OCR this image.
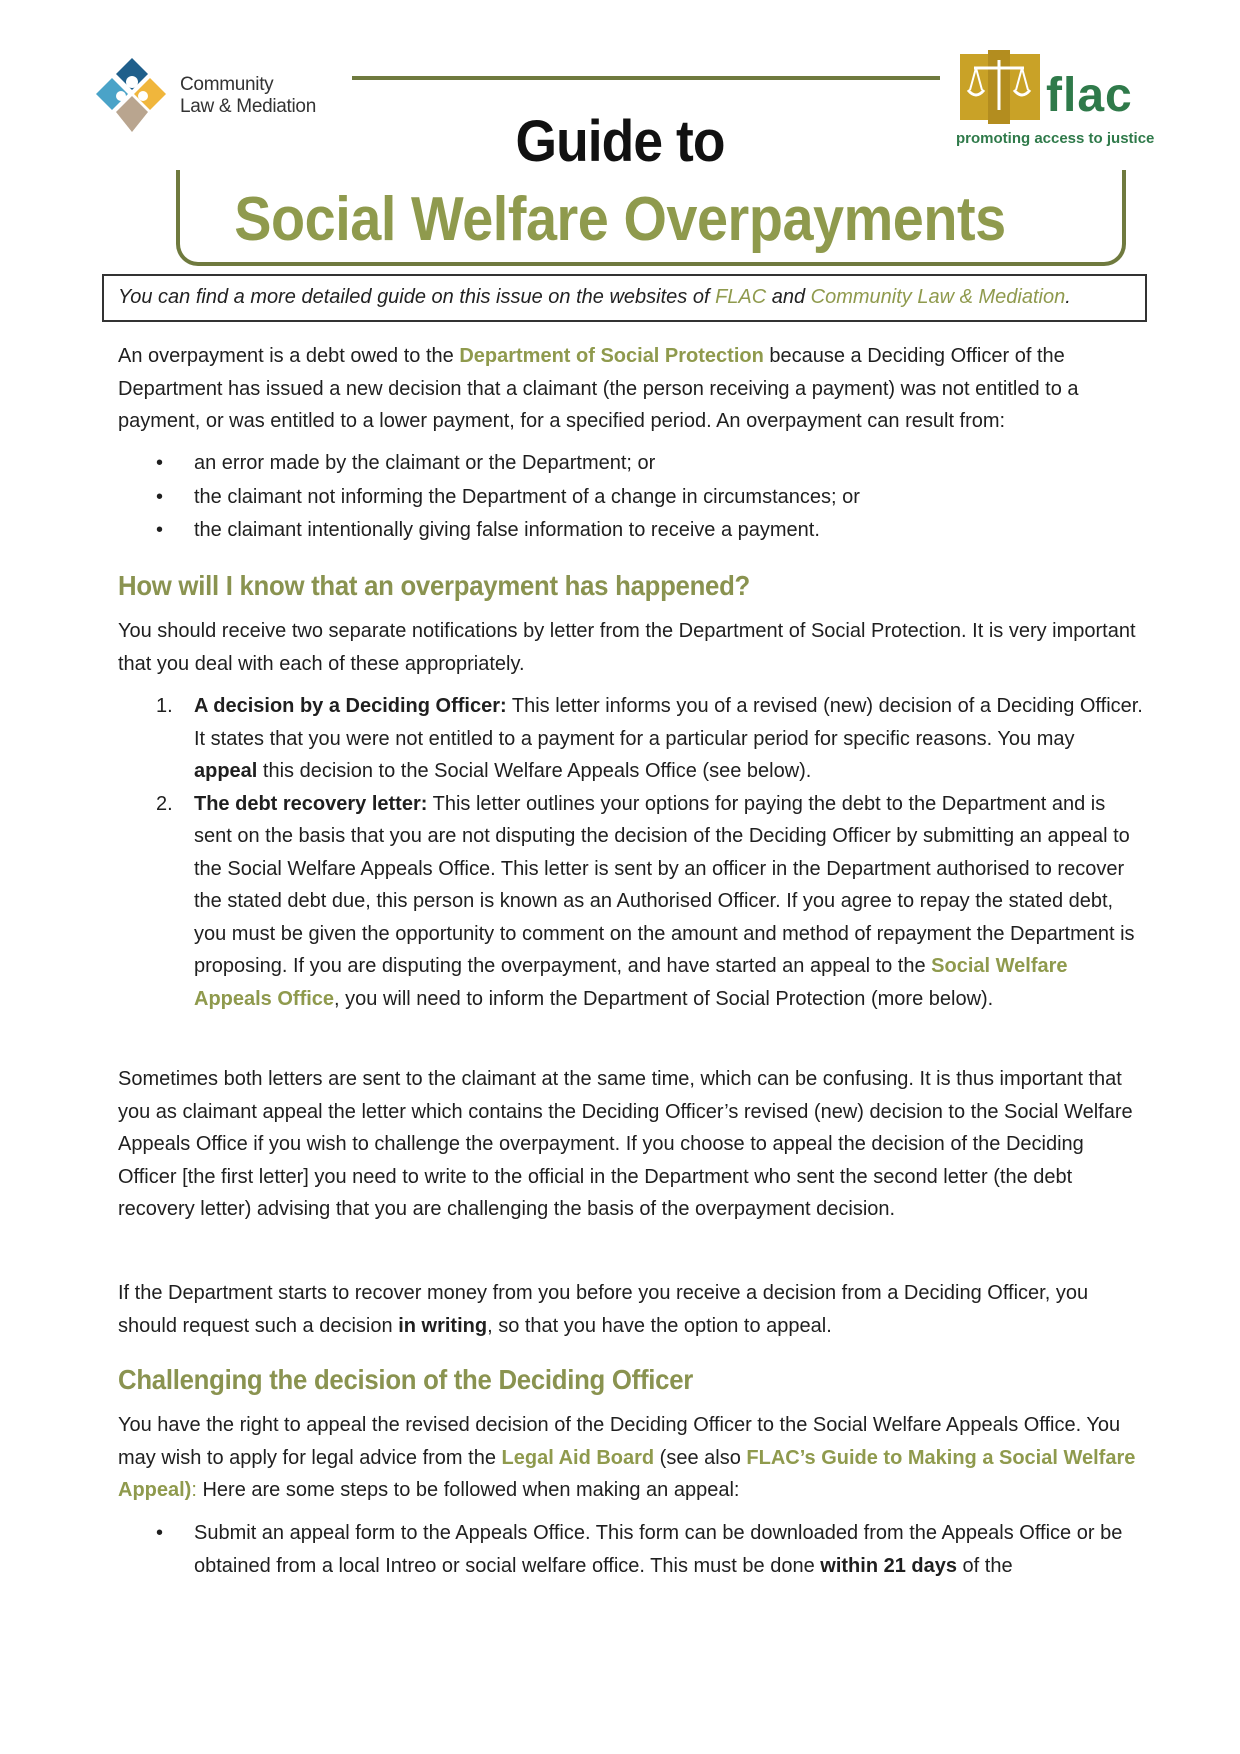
Community
Law & Mediation	flac
promoting access to justice
Guide to
Social Welfare Overpayments
You can find a more detailed guide on this issue on the websites of FLAC and Community Law & Mediation.
An overpayment is a debt owed to the Department of Social Protection because a Deciding Officer of the Department has issued a new decision that a claimant (the person receiving a payment) was not entitled to a payment, or was entitled to a lower payment, for a specified period. An overpayment can result from:
• an error made by the claimant or the Department; or
• the claimant not informing the Department of a change in circumstances; or
• the claimant intentionally giving false information to receive a payment.
How will I know that an overpayment has happened?
You should receive two separate notifications by letter from the Department of Social Protection. It is very important that you deal with each of these appropriately.
1. A decision by a Deciding Officer: This letter informs you of a revised (new) decision of a Deciding Officer. It states that you were not entitled to a payment for a particular period for specific reasons. You may appeal this decision to the Social Welfare Appeals Office (see below).
2. The debt recovery letter: This letter outlines your options for paying the debt to the Department and is sent on the basis that you are not disputing the decision of the Deciding Officer by submitting an appeal to the Social Welfare Appeals Office. This letter is sent by an officer in the Department authorised to recover the stated debt due, this person is known as an Authorised Officer. If you agree to repay the stated debt, you must be given the opportunity to comment on the amount and method of repayment the Department is proposing. If you are disputing the overpayment, and have started an appeal to the Social Welfare Appeals Office, you will need to inform the Department of Social Protection (more below).
Sometimes both letters are sent to the claimant at the same time, which can be confusing. It is thus important that you as claimant appeal the letter which contains the Deciding Officer’s revised (new) decision to the Social Welfare Appeals Office if you wish to challenge the overpayment. If you choose to appeal the decision of the Deciding Officer [the first letter] you need to write to the official in the Department who sent the second letter (the debt recovery letter) advising that you are challenging the basis of the overpayment decision.
If the Department starts to recover money from you before you receive a decision from a Deciding Officer, you should request such a decision in writing, so that you have the option to appeal.
Challenging the decision of the Deciding Officer
You have the right to appeal the revised decision of the Deciding Officer to the Social Welfare Appeals Office. You may wish to apply for legal advice from the Legal Aid Board (see also FLAC’s Guide to Making a Social Welfare Appeal): Here are some steps to be followed when making an appeal:
• Submit an appeal form to the Appeals Office. This form can be downloaded from the Appeals Office or be obtained from a local Intreo or social welfare office. This must be done within 21 days of the
